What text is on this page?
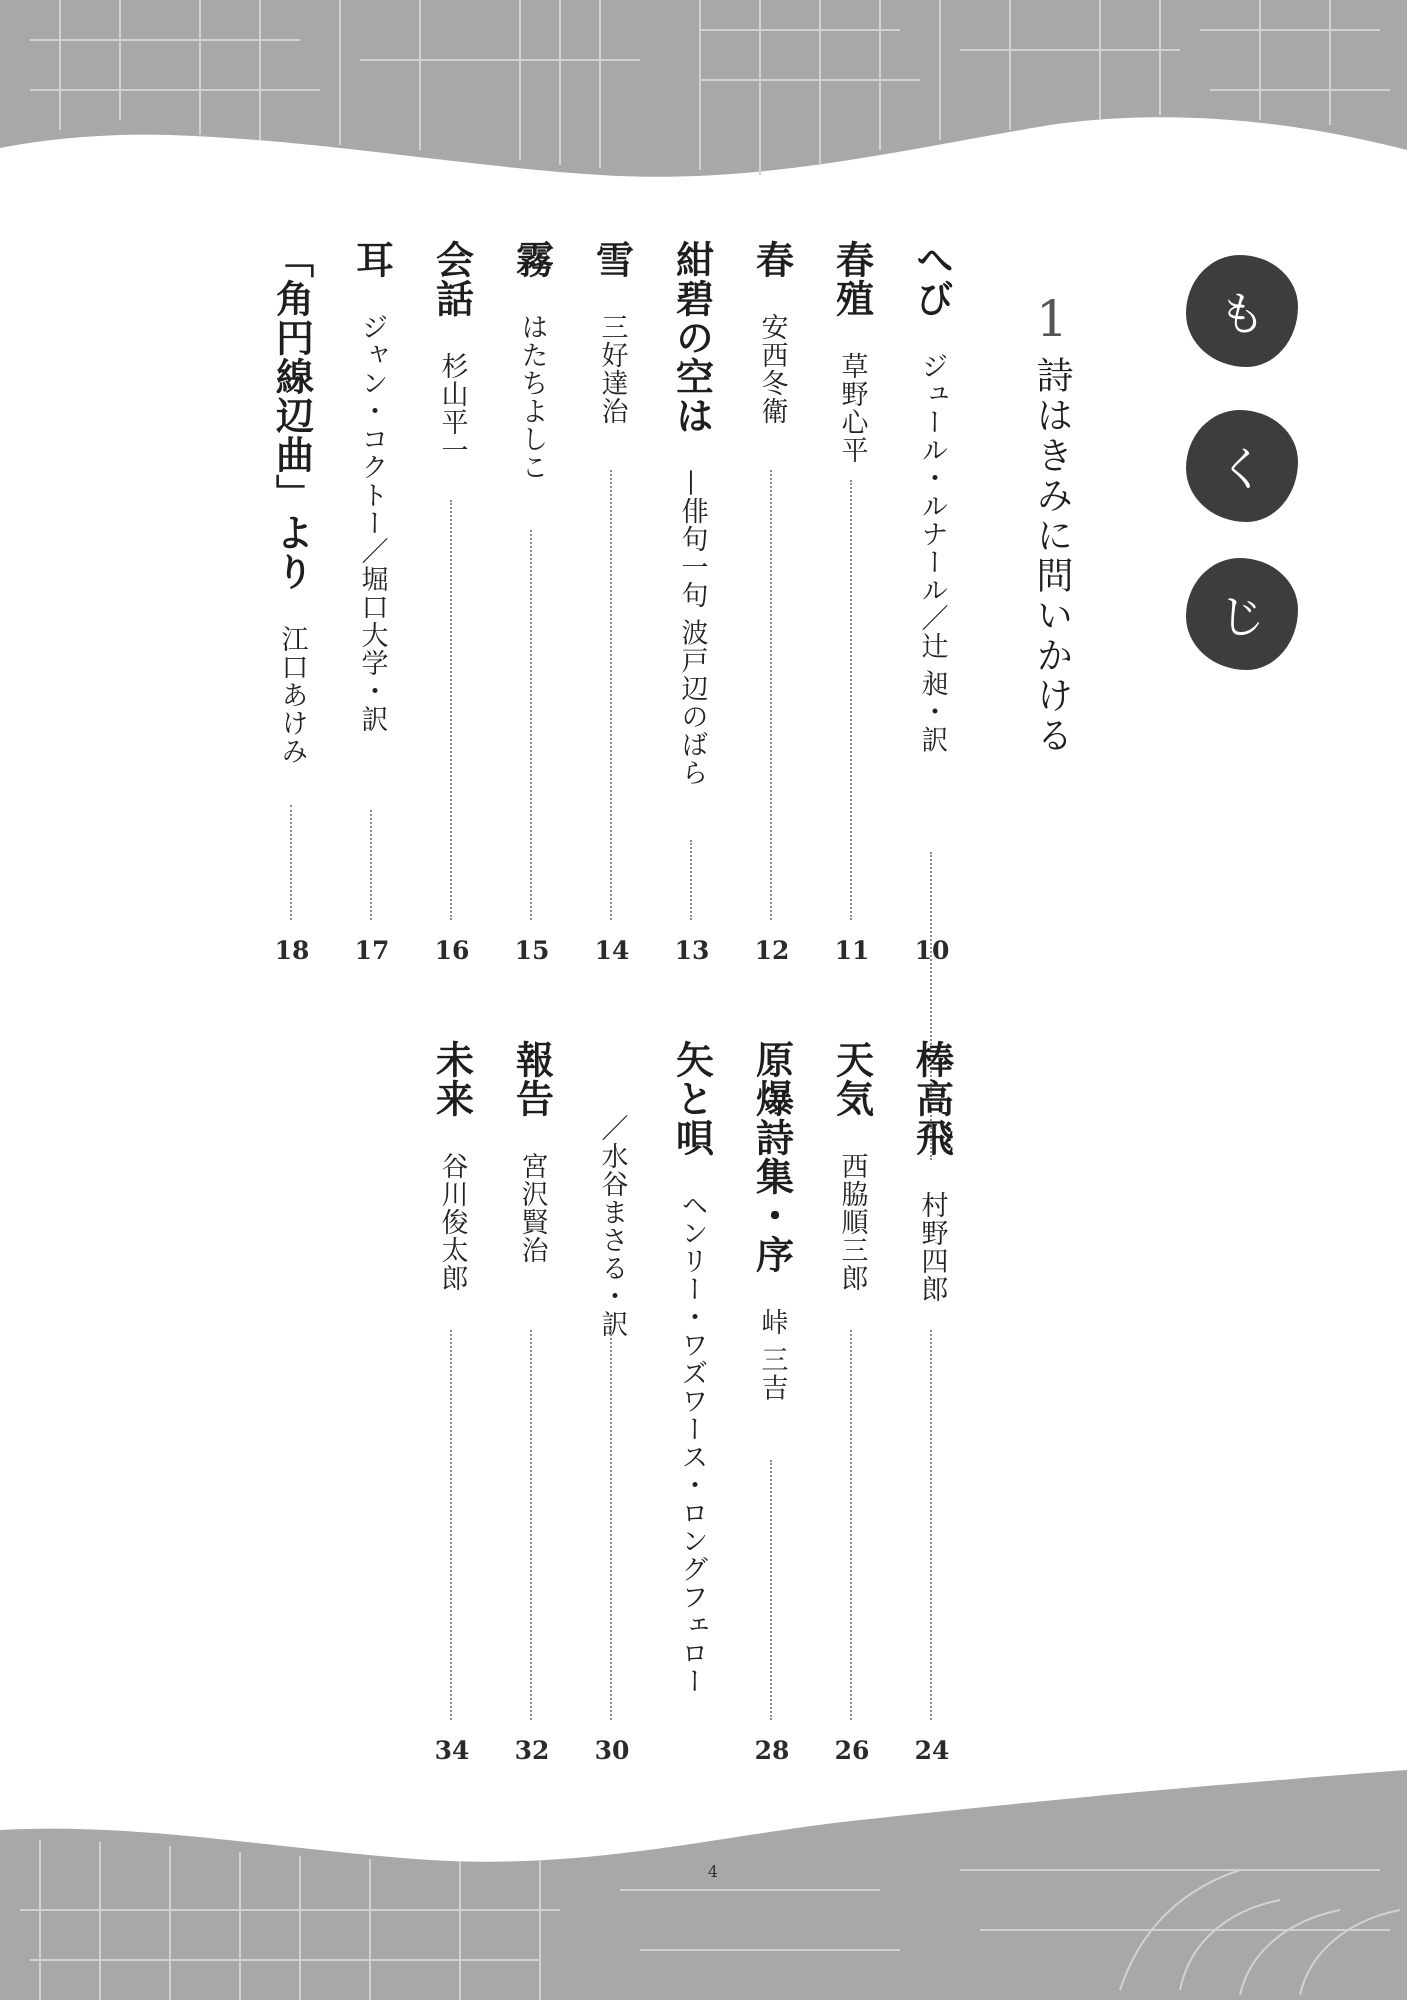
も
く
じ
1
詩はきみに問いかける
へび
ジュール・ルナール／辻 昶・訳
10
春殖
草野心平
11
春
安西冬衛
12
紺碧の空は
—俳句一句 波戸辺のばら
13
雪
三好達治
14
霧
はたちよしこ
15
会話
杉山平一
16
耳
ジャン・コクトー／堀口大学・訳
17
「角円線辺曲」より
江口あけみ
18
棒高飛
村野四郎
24
天気
西脇順三郎
26
原爆詩集・序
峠 三吉
28
矢と唄
ヘンリー・ワズワース・ロングフェロー
／水谷まさる・訳
30
報告
宮沢賢治
32
未来
谷川俊太郎
34
4
